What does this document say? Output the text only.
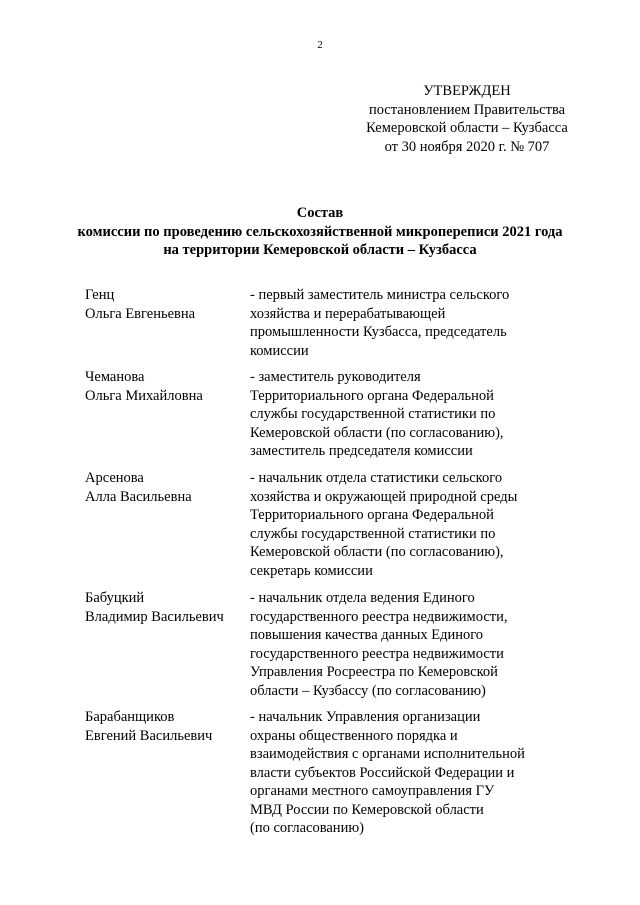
2
УТВЕРЖДЕН
постановлением Правительства
Кемеровской области – Кузбасса
от 30 ноября 2020 г. № 707
Состав
комиссии по проведению сельскохозяйственной микропереписи 2021 года
на территории Кемеровской области – Кузбасса
Генц
Ольга Евгеньевна
- первый заместитель министра сельского
хозяйства и перерабатывающей
промышленности Кузбасса, председатель
комиссии
Чеманова
Ольга Михайловна
- заместитель руководителя
Территориального органа Федеральной
службы государственной статистики по
Кемеровской области (по согласованию),
заместитель председателя комиссии
Арсенова
Алла Васильевна
- начальник отдела статистики сельского
хозяйства и окружающей природной среды
Территориального органа Федеральной
службы государственной статистики по
Кемеровской области (по согласованию),
секретарь комиссии
Бабуцкий
Владимир Васильевич
- начальник отдела ведения Единого
государственного реестра недвижимости,
повышения качества данных Единого
государственного реестра недвижимости
Управления Росреестра по Кемеровской
области – Кузбассу (по согласованию)
Барабанщиков
Евгений Васильевич
- начальник Управления организации
охраны общественного порядка и
взаимодействия с органами исполнительной
власти субъектов Российской Федерации и
органами местного самоуправления ГУ
МВД России по Кемеровской области
(по согласованию)
